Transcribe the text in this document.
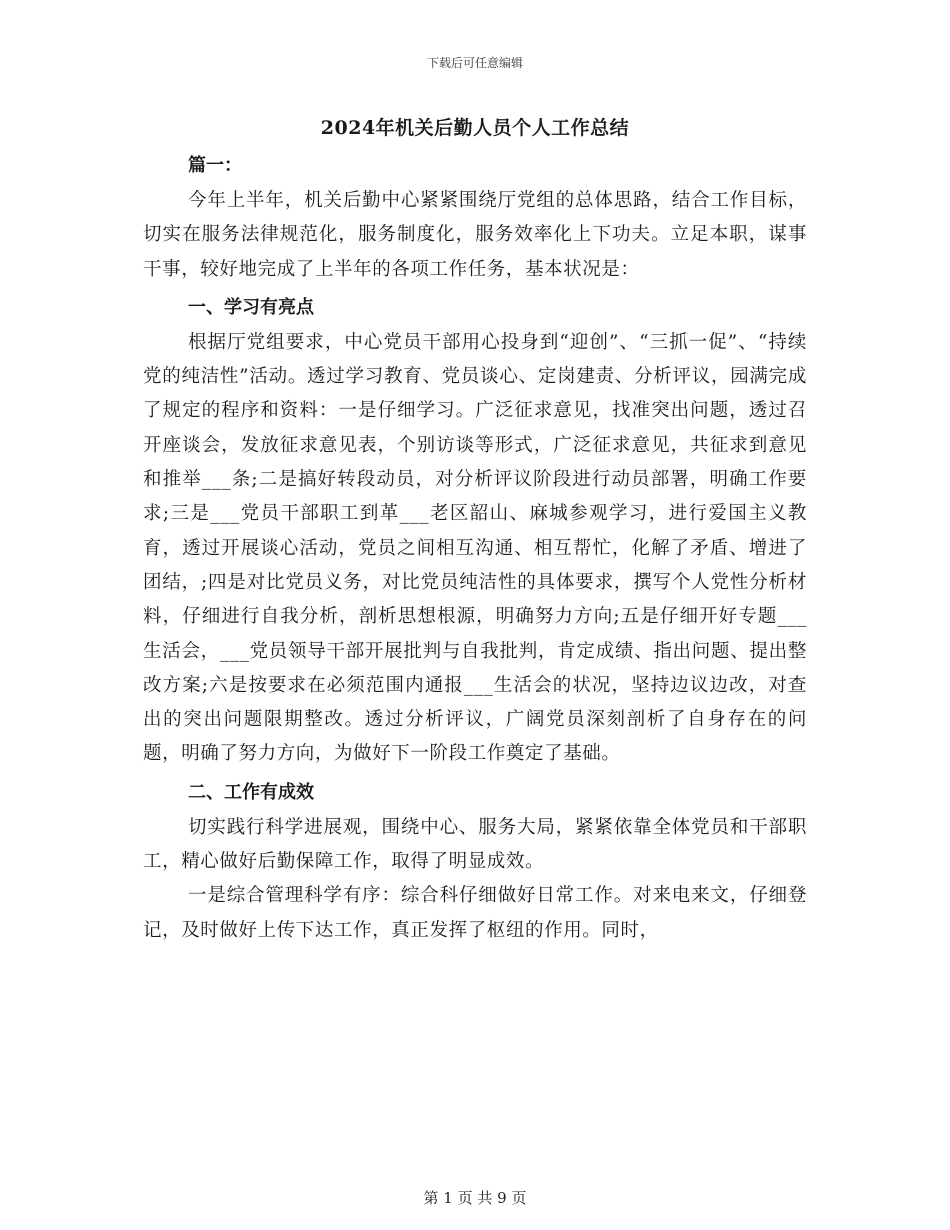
下载后可任意编辑
2024年机关后勤人员个人工作总结
篇一：

今年上半年，机关后勤中心紧紧围绕厅党组的总体思路，结合工作目标，切实在服务法律规范化，服务制度化，服务效率化上下功夫。立足本职，谋事干事，较好地完成了上半年的各项工作任务，基本状况是：

一、学习有亮点

根据厅党组要求，中心党员干部用心投身到“迎创”、“三抓一促”、“持续党的纯洁性”活动。透过学习教育、党员谈心、定岗建责、分析评议，园满完成了规定的程序和资料：一是仔细学习。广泛征求意见，找准突出问题，透过召开座谈会，发放征求意见表，个别访谈等形式，广泛征求意见，共征求到意见和推举___条;二是搞好转段动员，对分析评议阶段进行动员部署，明确工作要求;三是___党员干部职工到革___老区韶山、麻城参观学习，进行爱国主义教育，透过开展谈心活动，党员之间相互沟通、相互帮忙，化解了矛盾、增进了团结，;四是对比党员义务，对比党员纯洁性的具体要求，撰写个人党性分析材料，仔细进行自我分析，剖析思想根源，明确努力方向;五是仔细开好专题___生活会，___党员领导干部开展批判与自我批判，肯定成绩、指出问题、提出整改方案;六是按要求在必须范围内通报___生活会的状况，坚持边议边改，对查出的突出问题限期整改。透过分析评议，广阔党员深刻剖析了自身存在的问题，明确了努力方向，为做好下一阶段工作奠定了基础。

二、工作有成效

切实践行科学进展观，围绕中心、服务大局，紧紧依靠全体党员和干部职工，精心做好后勤保障工作，取得了明显成效。

一是综合管理科学有序：综合科仔细做好日常工作。对来电来文，仔细登记，及时做好上传下达工作，真正发挥了枢纽的作用。同时，

第 1 页 共 9 页
